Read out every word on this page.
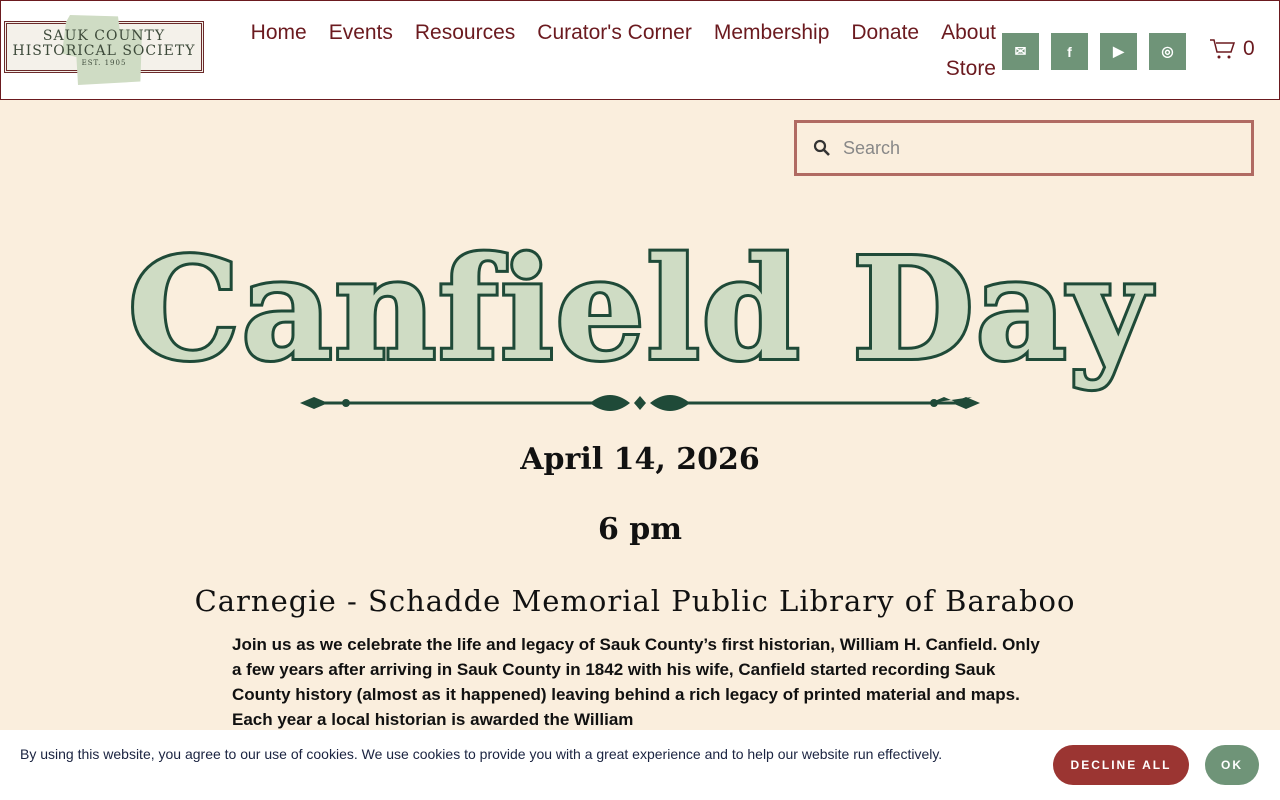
SAUK COUNTY
HISTORICAL SOCIETY
EST. 1905
Home Events Resources Curator's Corner Membership Donate About
Store
✉	f	▶	◎	0
Search
Canfield Day
April 14, 2026
6 pm
Carnegie - Schadde Memorial Public Library of Baraboo
Join us as we celebrate the life and legacy of Sauk County’s first historian, William H. Canfield. Only a few years after arriving in Sauk County in 1842 with his wife, Canfield started recording Sauk County history (almost as it happened) leaving behind a rich legacy of printed material and maps. Each year a local historian is awarded the William

By using this website, you agree to our use of cookies. We use cookies to provide you with a great experience and to help our website run effectively.

DECLINE ALL	OK
